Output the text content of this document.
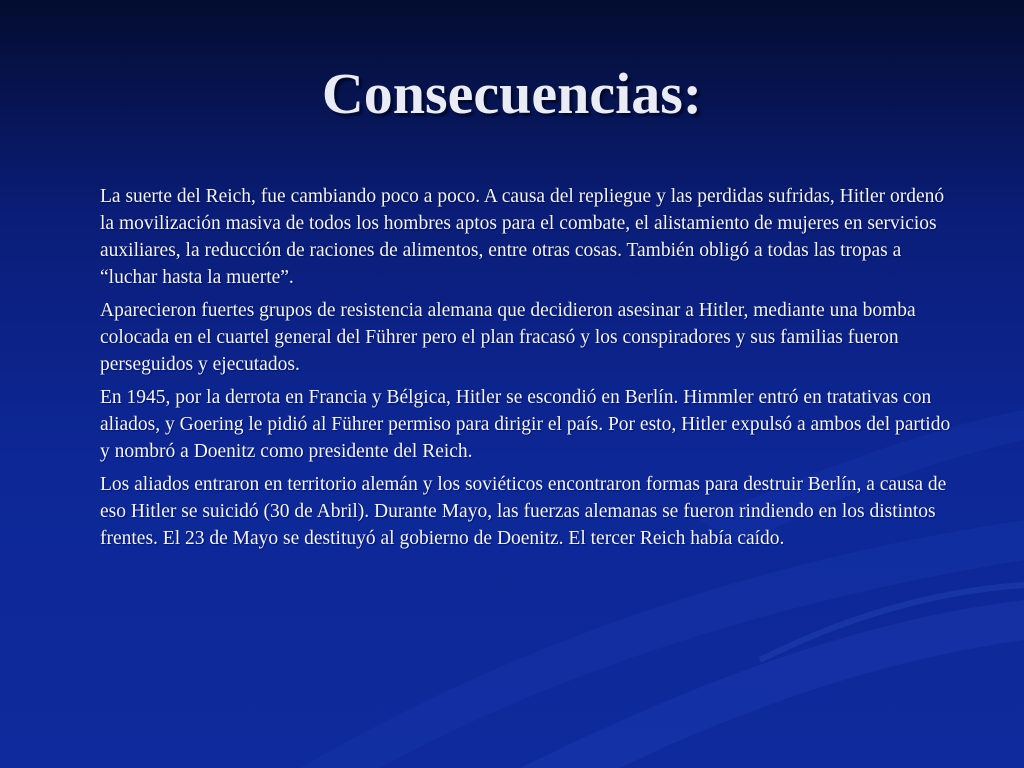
Consecuencias:

La suerte del Reich, fue cambiando poco a poco. A causa del repliegue y las perdidas sufridas, Hitler ordenó la movilización masiva de todos los hombres aptos para el combate, el alistamiento de mujeres en servicios auxiliares, la reducción de raciones de alimentos, entre otras cosas. También obligó a todas las tropas a “luchar hasta la muerte”.

Aparecieron fuertes grupos de resistencia alemana que decidieron asesinar a Hitler, mediante una bomba colocada en el cuartel general del Führer pero el plan fracasó y los conspiradores y sus familias fueron perseguidos y ejecutados.

En 1945, por la derrota en Francia y Bélgica, Hitler se escondió en Berlín. Himmler entró en tratativas con aliados, y Goering le pidió al Führer permiso para dirigir el país. Por esto, Hitler expulsó a ambos del partido y nombró a Doenitz como presidente del Reich.

Los aliados entraron en territorio alemán y los soviéticos encontraron formas para destruir Berlín, a causa de eso Hitler se suicidó (30 de Abril). Durante Mayo, las fuerzas alemanas se fueron rindiendo en los distintos frentes. El 23 de Mayo se destituyó al gobierno de Doenitz. El tercer Reich había caído.
